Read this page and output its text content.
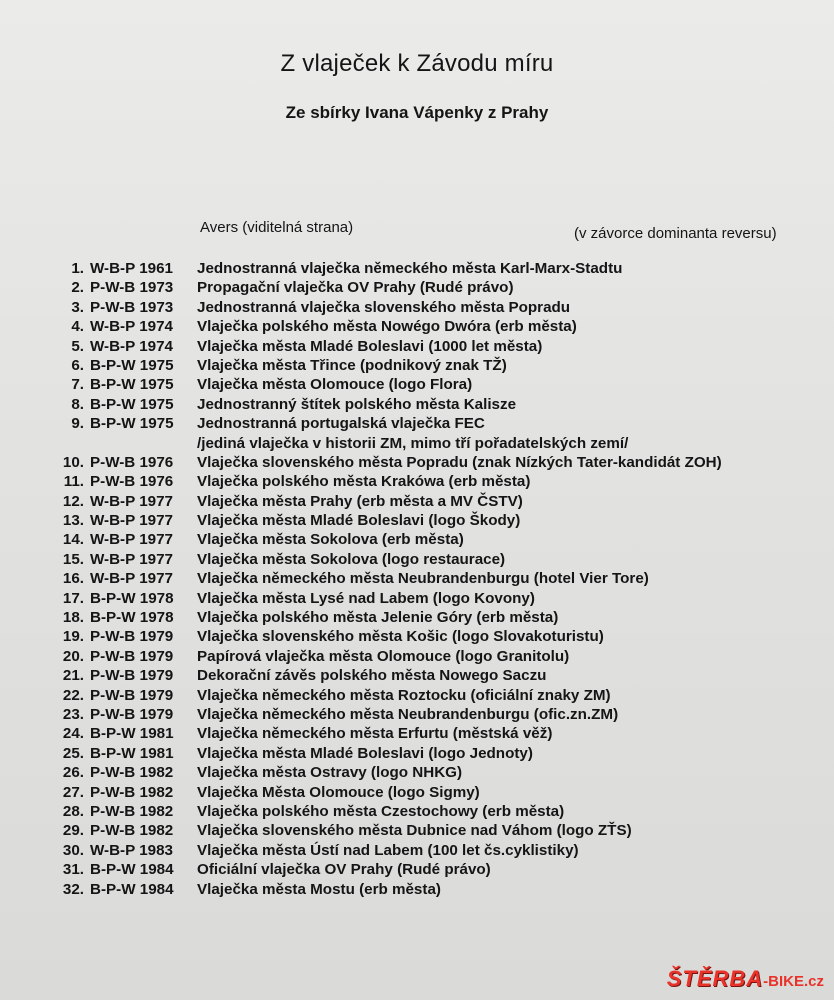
Z vlaječek k Závodu míru
Ze sbírky Ivana Vápenky z Prahy
Avers (viditelná strana)	(v závorce dominanta reversu)
1. W-B-P 1961	Jednostranná vlaječka německého města Karl-Marx-Stadtu
2. P-W-B 1973	Propagační vlaječka OV Prahy (Rudé právo)
3. P-W-B 1973	Jednostranná vlaječka slovenského města Popradu
4. W-B-P 1974	Vlaječka polského města Nowégo Dwóra (erb města)
5. W-B-P 1974	Vlaječka města Mladé Boleslavi (1000 let města)
6. B-P-W 1975	Vlaječka města Třince (podnikový znak TŽ)
7. B-P-W 1975	Vlaječka města Olomouce (logo Flora)
8. B-P-W 1975	Jednostranný štítek polského města Kalisze
9. B-P-W 1975	Jednostranná portugalská vlaječka FEC
/jediná vlaječka v historii ZM, mimo tří pořadatelských zemí/
10. P-W-B 1976	Vlaječka slovenského města Popradu (znak Nízkých Tater-kandidát ZOH)
11. P-W-B 1976	Vlaječka polského města Krakówa (erb města)
12. W-B-P 1977	Vlaječka města Prahy (erb města a MV ČSTV)
13. W-B-P 1977	Vlaječka města Mladé Boleslavi (logo Škody)
14. W-B-P 1977	Vlaječka města Sokolova (erb města)
15. W-B-P 1977	Vlaječka města Sokolova (logo restaurace)
16. W-B-P 1977	Vlaječka německého města Neubrandenburgu (hotel Vier Tore)
17. B-P-W 1978	Vlaječka města Lysé nad Labem (logo Kovony)
18. B-P-W 1978	Vlaječka polského města Jelenie Góry (erb města)
19. P-W-B 1979	Vlaječka slovenského města Košic (logo Slovakoturistu)
20. P-W-B 1979	Papírová vlaječka města Olomouce (logo Granitolu)
21. P-W-B 1979	Dekorační závěs polského města Nowego Saczu
22. P-W-B 1979	Vlaječka německého města Roztocku (oficiální znaky ZM)
23. P-W-B 1979	Vlaječka německého města Neubrandenburgu (ofic.zn.ZM)
24. B-P-W 1981	Vlaječka německého města Erfurtu (městská věž)
25. B-P-W 1981	Vlaječka města Mladé Boleslavi (logo Jednoty)
26. P-W-B 1982	Vlaječka města Ostravy (logo NHKG)
27. P-W-B 1982	Vlaječka Města Olomouce (logo Sigmy)
28. P-W-B 1982	Vlaječka polského města Czestochowy (erb města)
29. P-W-B 1982	Vlaječka slovenského města Dubnice nad Váhom (logo ZŤS)
30. W-B-P 1983	Vlaječka města Ústí nad Labem (100 let čs.cyklistiky)
31. B-P-W 1984	Oficiální vlaječka OV Prahy (Rudé právo)
32. B-P-W 1984	Vlaječka města Mostu (erb města)
ŠTĚRBA-BIKE.cz
